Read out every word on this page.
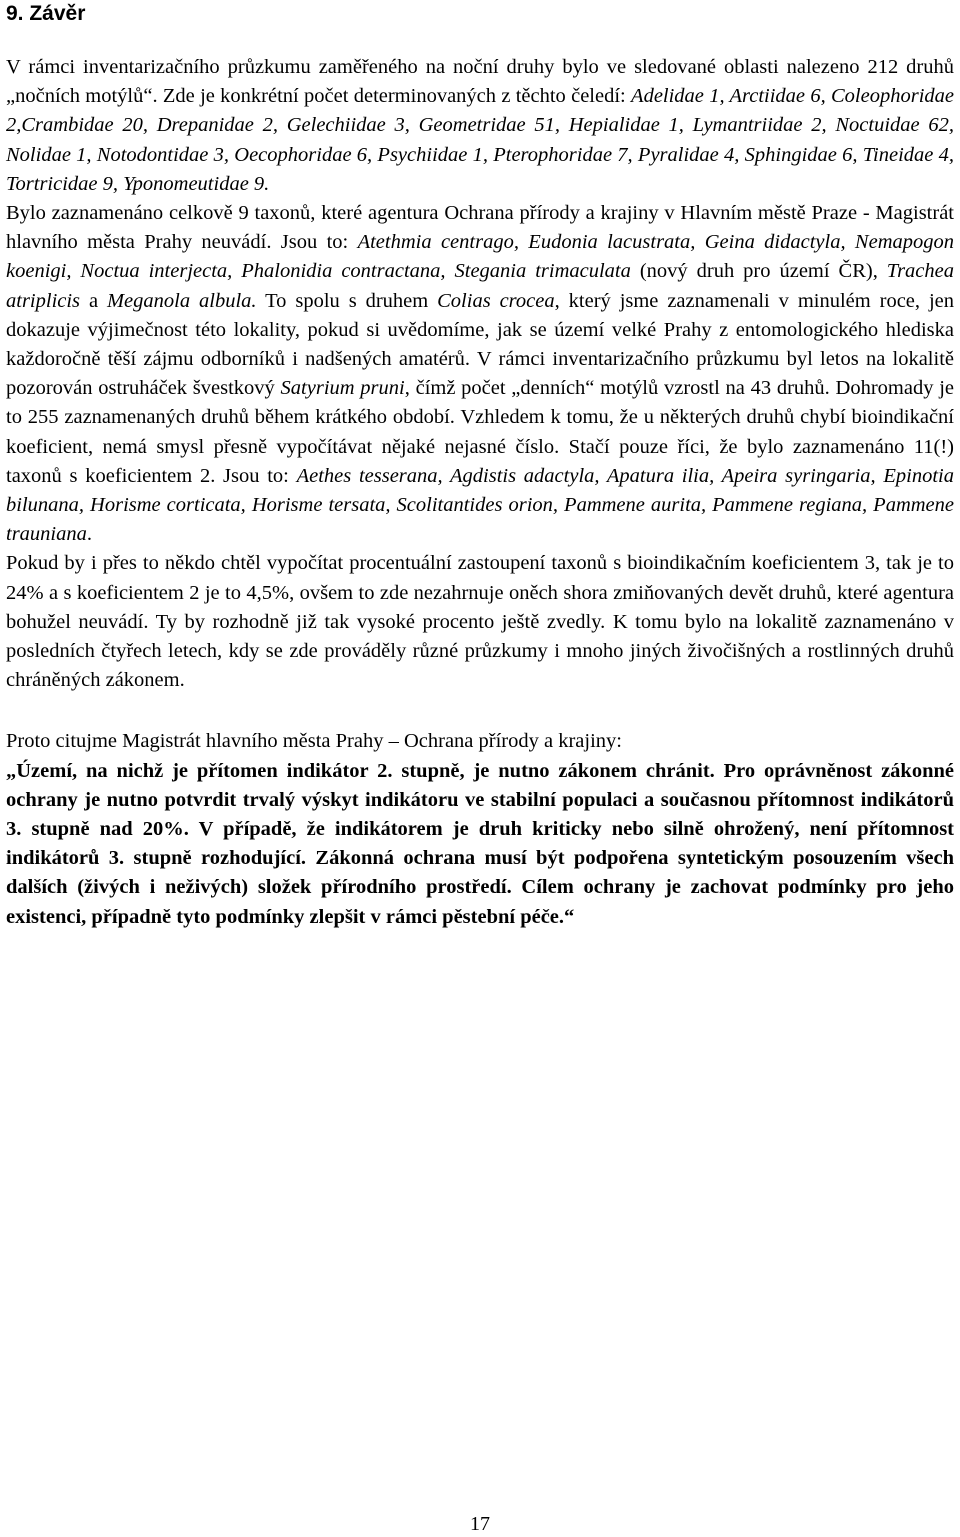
9. Závěr

V rámci inventarizačního průzkumu zaměřeného na noční druhy bylo ve sledované oblasti nalezeno 212 druhů „nočních motýlů“. Zde je konkrétní počet determinovaných z těchto čeledí: Adelidae 1, Arctiidae 6, Coleophoridae 2,Crambidae 20, Drepanidae 2, Gelechiidae 3, Geometridae 51, Hepialidae 1, Lymantriidae 2, Noctuidae 62, Nolidae 1, Notodontidae 3, Oecophoridae 6, Psychiidae 1, Pterophoridae 7, Pyralidae 4, Sphingidae 6, Tineidae 4, Tortricidae 9, Yponomeutidae 9.

Bylo zaznamenáno celkově 9 taxonů, které agentura Ochrana přírody a krajiny v Hlavním městě Praze - Magistrát hlavního města Prahy neuvádí. Jsou to: Atethmia centrago, Eudonia lacustrata, Geina didactyla, Nemapogon koenigi, Noctua interjecta, Phalonidia contractana, Stegania trimaculata (nový druh pro území ČR), Trachea atriplicis a Meganola albula. To spolu s druhem Colias crocea, který jsme zaznamenali v minulém roce, jen dokazuje výjimečnost této lokality, pokud si uvědomíme, jak se území velké Prahy z entomologického hlediska každoročně těší zájmu odborníků i nadšených amatérů. V rámci inventarizačního průzkumu byl letos na lokalitě pozorován ostruháček švestkový Satyrium pruni, čímž počet „denních“ motýlů vzrostl na 43 druhů. Dohromady je to 255 zaznamenaných druhů během krátkého období. Vzhledem k tomu, že u některých druhů chybí bioindikační koeficient, nemá smysl přesně vypočítávat nějaké nejasné číslo. Stačí pouze říci, že bylo zaznamenáno 11(!) taxonů s koeficientem 2. Jsou to: Aethes tesserana, Agdistis adactyla, Apatura ilia, Apeira syringaria, Epinotia bilunana, Horisme corticata, Horisme tersata, Scolitantides orion, Pammene aurita, Pammene regiana, Pammene trauniana.

Pokud by i přes to někdo chtěl vypočítat procentuální zastoupení taxonů s bioindikačním koeficientem 3, tak je to 24% a s koeficientem 2 je to 4,5%, ovšem to zde nezahrnuje oněch shora zmiňovaných devět druhů, které agentura bohužel neuvádí. Ty by rozhodně již tak vysoké procento ještě zvedly. K tomu bylo na lokalitě zaznamenáno v posledních čtyřech letech, kdy se zde prováděly různé průzkumy i mnoho jiných živočišných a rostlinných druhů chráněných zákonem.

Proto citujme Magistrát hlavního města Prahy – Ochrana přírody a krajiny:

„Území, na nichž je přítomen indikátor 2. stupně, je nutno zákonem chránit. Pro oprávněnost zákonné ochrany je nutno potvrdit trvalý výskyt indikátoru ve stabilní populaci a současnou přítomnost indikátorů 3. stupně nad 20%. V případě, že indikátorem je druh kriticky nebo silně ohrožený, není přítomnost indikátorů 3. stupně rozhodující. Zákonná ochrana musí být podpořena syntetickým posouzením všech dalších (živých i neživých) složek přírodního prostředí. Cílem ochrany je zachovat podmínky pro jeho existenci, případně tyto podmínky zlepšit v rámci pěstební péče.“

17
